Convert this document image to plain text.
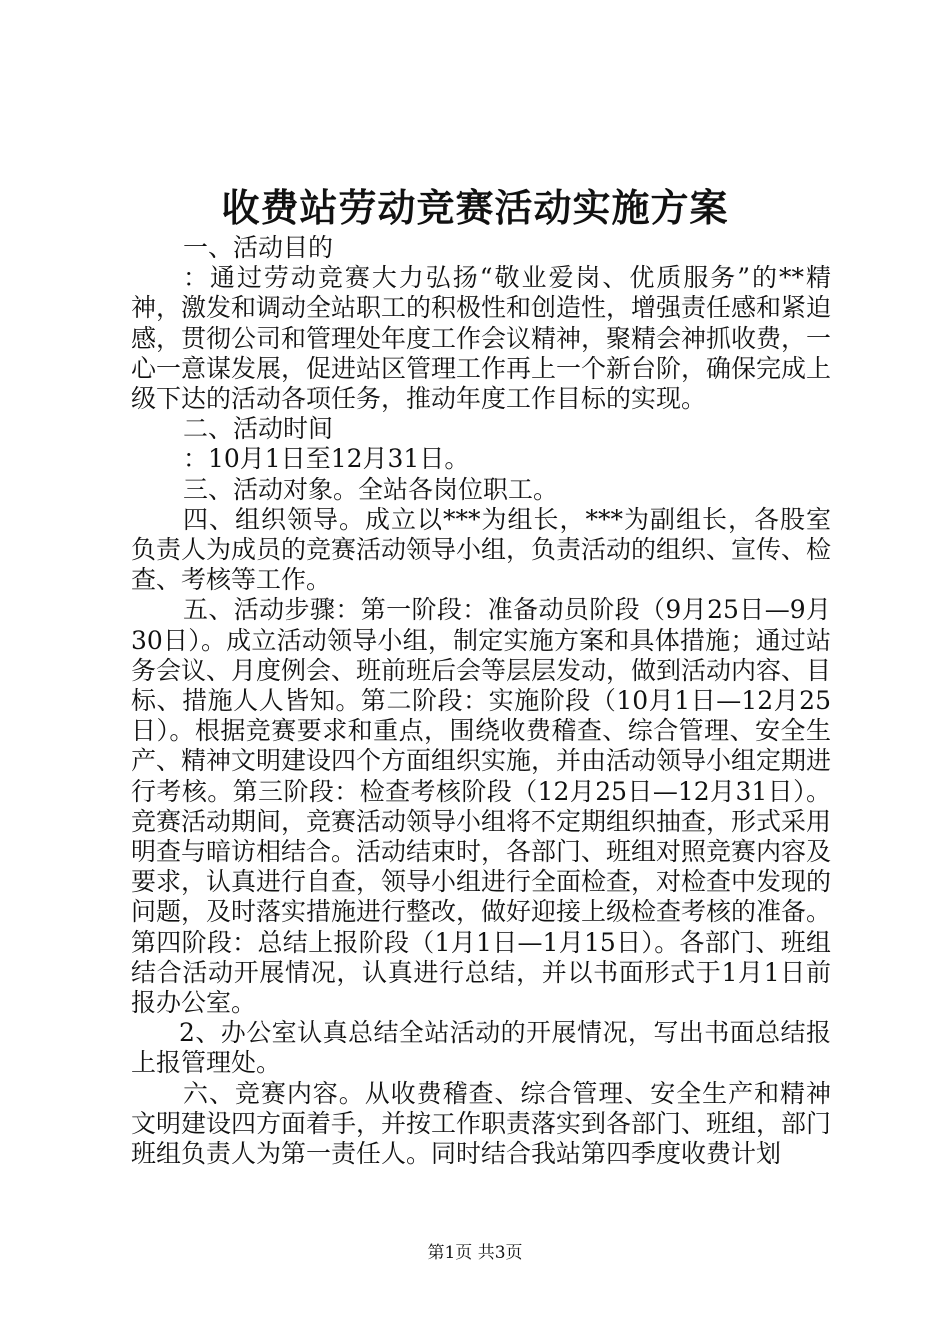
收费站劳动竞赛活动实施方案

一、活动目的

：通过劳动竞赛大力弘扬“敬业爱岗、优质服务”的**精神，激发和调动全站职工的积极性和创造性，增强责任感和紧迫感，贯彻公司和管理处年度工作会议精神，聚精会神抓收费，一心一意谋发展，促进站区管理工作再上一个新台阶，确保完成上级下达的活动各项任务，推动年度工作目标的实现。

二、活动时间

：10月1日至12月31日。

三、活动对象。全站各岗位职工。

四、组织领导。成立以***为组长，***为副组长，各股室负责人为成员的竞赛活动领导小组，负责活动的组织、宣传、检查、考核等工作。

五、活动步骤：第一阶段：准备动员阶段（9月25日—9月30日）。成立活动领导小组，制定实施方案和具体措施；通过站务会议、月度例会、班前班后会等层层发动，做到活动内容、目标、措施人人皆知。第二阶段：实施阶段（10月1日—12月25日）。根据竞赛要求和重点，围绕收费稽查、综合管理、安全生产、精神文明建设四个方面组织实施，并由活动领导小组定期进行考核。第三阶段：检查考核阶段（12月25日—12月31日）。竞赛活动期间，竞赛活动领导小组将不定期组织抽查，形式采用明查与暗访相结合。活动结束时，各部门、班组对照竞赛内容及要求，认真进行自查，领导小组进行全面检查，对检查中发现的问题，及时落实措施进行整改，做好迎接上级检查考核的准备。第四阶段：总结上报阶段（1月1日—1月15日）。各部门、班组结合活动开展情况，认真进行总结，并以书面形式于1月1日前报办公室。

2、办公室认真总结全站活动的开展情况，写出书面总结报上报管理处。

六、竞赛内容。从收费稽查、综合管理、安全生产和精神文明建设四方面着手，并按工作职责落实到各部门、班组，部门班组负责人为第一责任人。同时结合我站第四季度收费计划

第1页 共3页
